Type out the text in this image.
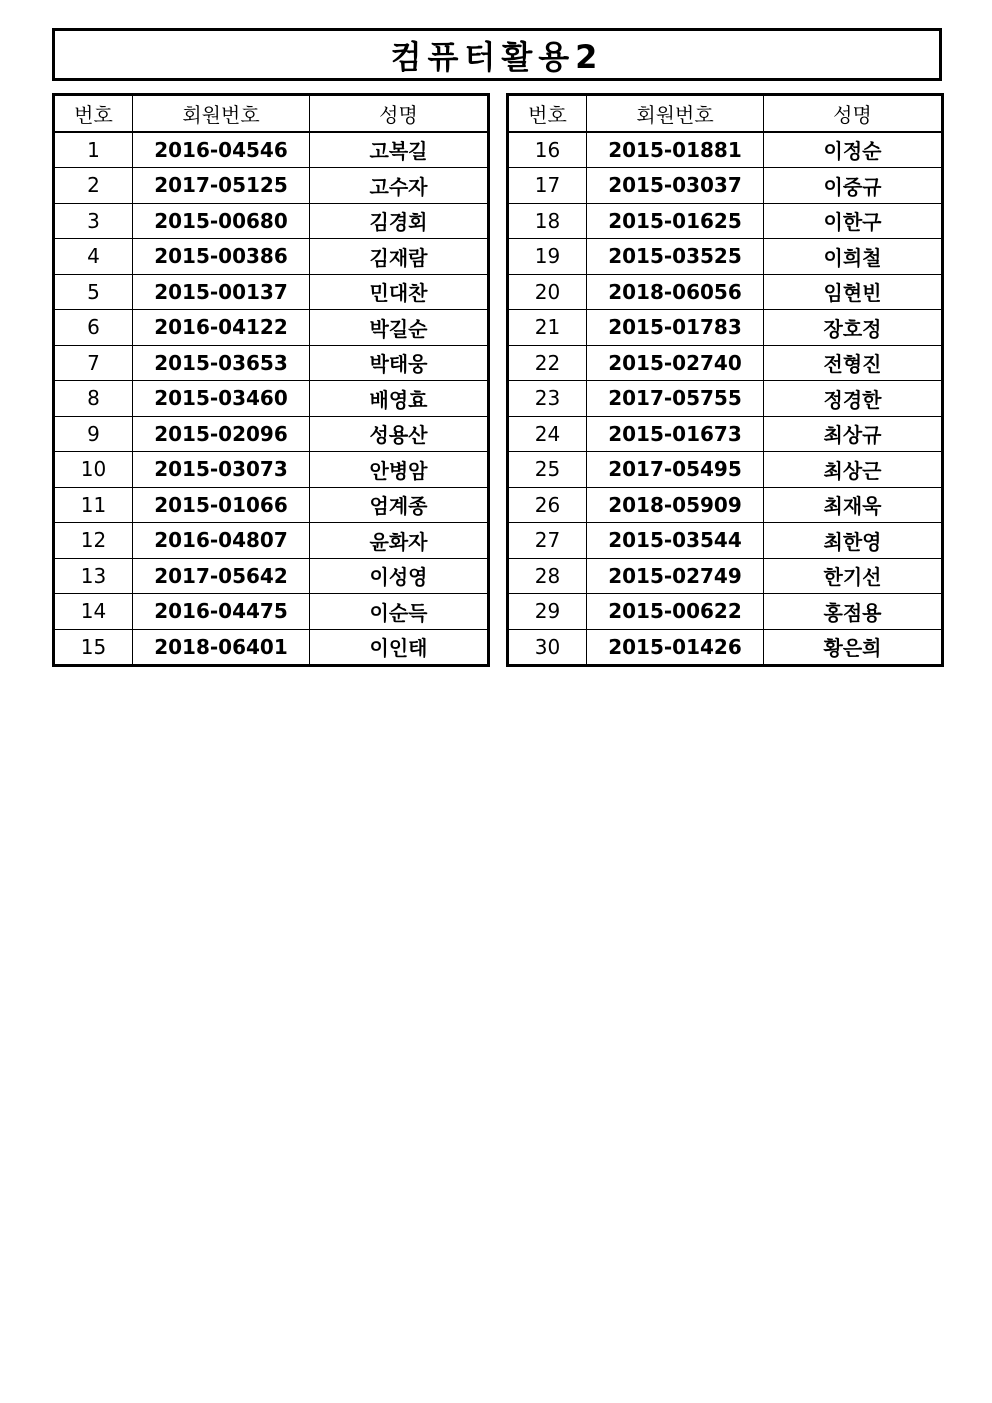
컴퓨터활용2
번호	회원번호	성명
1	2016-04546	고복길
2	2017-05125	고수자
3	2015-00680	김경회
4	2015-00386	김재람
5	2015-00137	민대찬
6	2016-04122	박길순
7	2015-03653	박태웅
8	2015-03460	배영효
9	2015-02096	성용산
10	2015-03073	안병암
11	2015-01066	엄계종
12	2016-04807	윤화자
13	2017-05642	이성영
14	2016-04475	이순득
15	2018-06401	이인태
번호	회원번호	성명
16	2015-01881	이정순
17	2015-03037	이중규
18	2015-01625	이한구
19	2015-03525	이희철
20	2018-06056	임현빈
21	2015-01783	장호정
22	2015-02740	전형진
23	2017-05755	정경한
24	2015-01673	최상규
25	2017-05495	최상근
26	2018-05909	최재욱
27	2015-03544	최한영
28	2015-02749	한기선
29	2015-00622	홍점용
30	2015-01426	황은희
